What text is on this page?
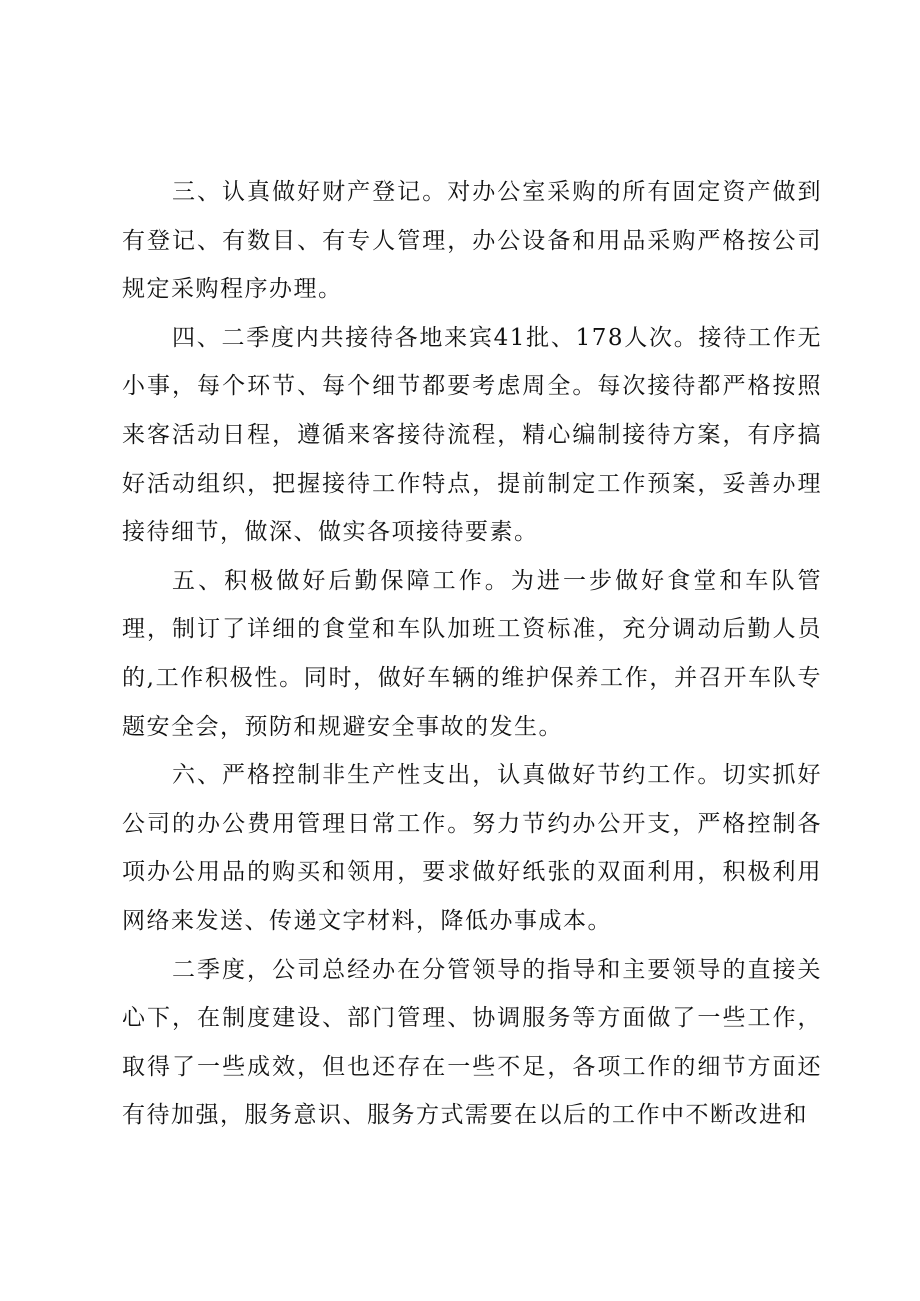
三、认真做好财产登记。对办公室采购的所有固定资产做到有登记、有数目、有专人管理，办公设备和用品采购严格按公司规定采购程序办理。

四、二季度内共接待各地来宾41批、178人次。接待工作无小事，每个环节、每个细节都要考虑周全。每次接待都严格按照来客活动日程，遵循来客接待流程，精心编制接待方案，有序搞好活动组织，把握接待工作特点，提前制定工作预案，妥善办理接待细节，做深、做实各项接待要素。

五、积极做好后勤保障工作。为进一步做好食堂和车队管理，制订了详细的食堂和车队加班工资标准，充分调动后勤人员的,工作积极性。同时，做好车辆的维护保养工作，并召开车队专题安全会，预防和规避安全事故的发生。

六、严格控制非生产性支出，认真做好节约工作。切实抓好公司的办公费用管理日常工作。努力节约办公开支，严格控制各项办公用品的购买和领用，要求做好纸张的双面利用，积极利用网络来发送、传递文字材料，降低办事成本。

二季度，公司总经办在分管领导的指导和主要领导的直接关心下，在制度建设、部门管理、协调服务等方面做了一些工作，取得了一些成效，但也还存在一些不足，各项工作的细节方面还有待加强，服务意识、服务方式需要在以后的工作中不断改进和
